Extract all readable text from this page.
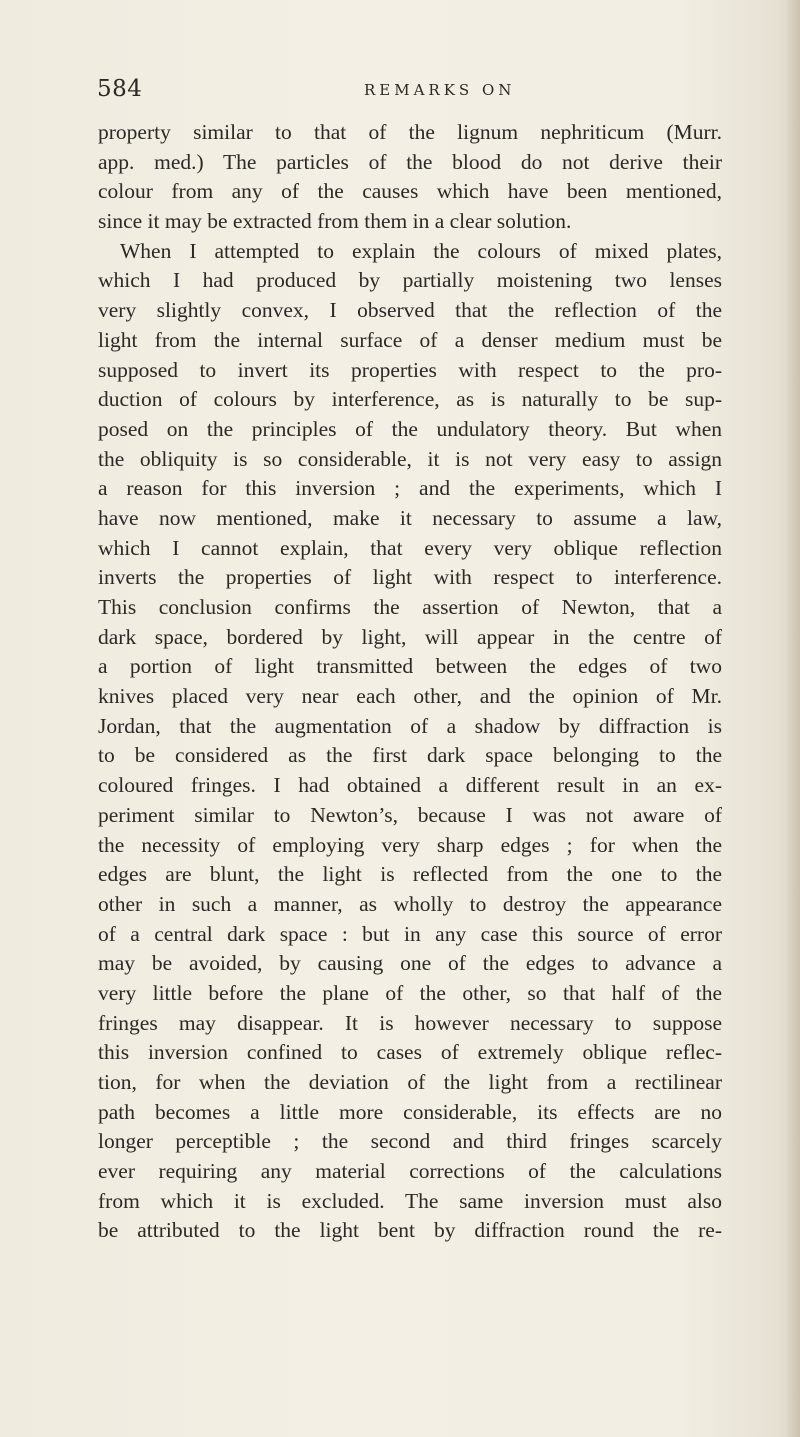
584	REMARKS ON
property similar to that of the lignum nephriticum (Murr.
app. med.) The particles of the blood do not derive their
colour from any of the causes which have been mentioned,
since it may be extracted from them in a clear solution.
When I attempted to explain the colours of mixed plates,
which I had produced by partially moistening two lenses
very slightly convex, I observed that the reflection of the
light from the internal surface of a denser medium must be
supposed to invert its properties with respect to the pro-
duction of colours by interference, as is naturally to be sup-
posed on the principles of the undulatory theory. But when
the obliquity is so considerable, it is not very easy to assign
a reason for this inversion ; and the experiments, which I
have now mentioned, make it necessary to assume a law,
which I cannot explain, that every very oblique reflection
inverts the properties of light with respect to interference.
This conclusion confirms the assertion of Newton, that a
dark space, bordered by light, will appear in the centre of
a portion of light transmitted between the edges of two
knives placed very near each other, and the opinion of Mr.
Jordan, that the augmentation of a shadow by diffraction is
to be considered as the first dark space belonging to the
coloured fringes. I had obtained a different result in an ex-
periment similar to Newton’s, because I was not aware of
the necessity of employing very sharp edges ; for when the
edges are blunt, the light is reflected from the one to the
other in such a manner, as wholly to destroy the appearance
of a central dark space : but in any case this source of error
may be avoided, by causing one of the edges to advance a
very little before the plane of the other, so that half of the
fringes may disappear. It is however necessary to suppose
this inversion confined to cases of extremely oblique reflec-
tion, for when the deviation of the light from a rectilinear
path becomes a little more considerable, its effects are no
longer perceptible ; the second and third fringes scarcely
ever requiring any material corrections of the calculations
from which it is excluded. The same inversion must also
be attributed to the light bent by diffraction round the re-
